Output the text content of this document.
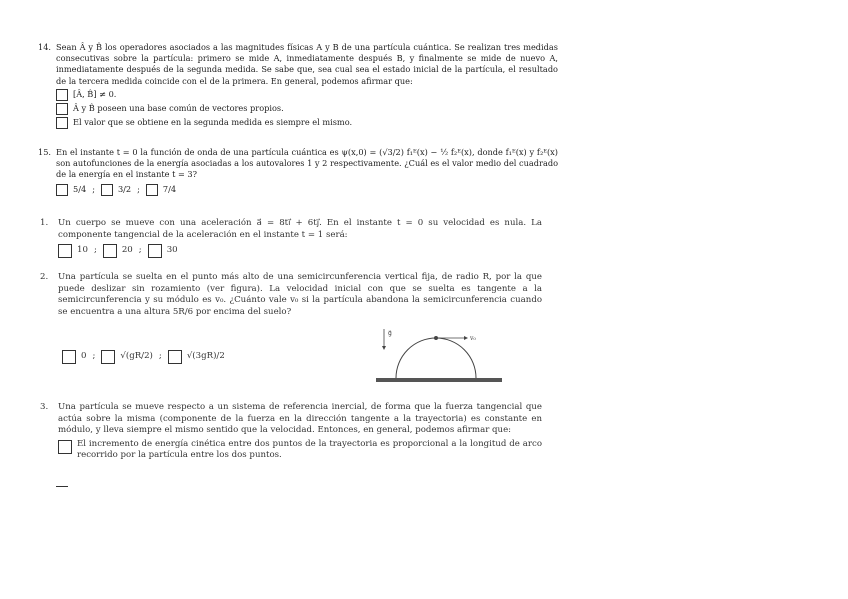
14. Sean Â y B̂ los operadores asociados a las magnitudes físicas A y B de una partícula cuántica. Se realizan tres medidas consecutivas sobre la partícula: primero se mide A, inmediatamente después B, y finalmente se mide de nuevo A, inmediatamente después de la segunda medida. Se sabe que, sea cual sea el estado inicial de la partícula, el resultado de la tercera medida coincide con el de la primera. En general, podemos afirmar que:
[Â, B̂] ≠ 0.
Â y B̂ poseen una base común de vectores propios.
El valor que se obtiene en la segunda medida es siempre el mismo.
15. En el instante t = 0 la función de onda de una partícula cuántica es ψ(x,0) = (√3/2) f₁ᴱ(x) − ½ f₂ᴱ(x), donde f₁ᴱ(x) y f₂ᴱ(x) son autofunciones de la energía asociadas a los autovalores 1 y 2 respectivamente. ¿Cuál es el valor medio del cuadrado de la energía en el instante t = 3?
5/4 ;	3/2 ;	7/4
1. Un cuerpo se mueve con una aceleración a⃗ = 8ti⃗ + 6tj⃗. En el instante t = 0 su velocidad es nula. La componente tangencial de la aceleración en el instante t = 1 será:
10 ;	20 ;	30
2. Una partícula se suelta en el punto más alto de una semicircunferencia vertical fija, de radio R, por la que puede deslizar sin rozamiento (ver figura). La velocidad inicial con que se suelta es tangente a la semicircunferencia y su módulo es v₀. ¿Cuánto vale v₀ si la partícula abandona la semicircunferencia cuando se encuentra a una altura 5R/6 por encima del suelo?
0 ;	√(gR/2) ;	√(3gR)/2
v₀
g⃗
3. Una partícula se mueve respecto a un sistema de referencia inercial, de forma que la fuerza tangencial que actúa sobre la misma (componente de la fuerza en la dirección tangente a la trayectoria) es constante en módulo, y lleva siempre el mismo sentido que la velocidad. Entonces, en general, podemos afirmar que:
El incremento de energía cinética entre dos puntos de la trayectoria es proporcional a la longitud de arco recorrido por la partícula entre los dos puntos.
